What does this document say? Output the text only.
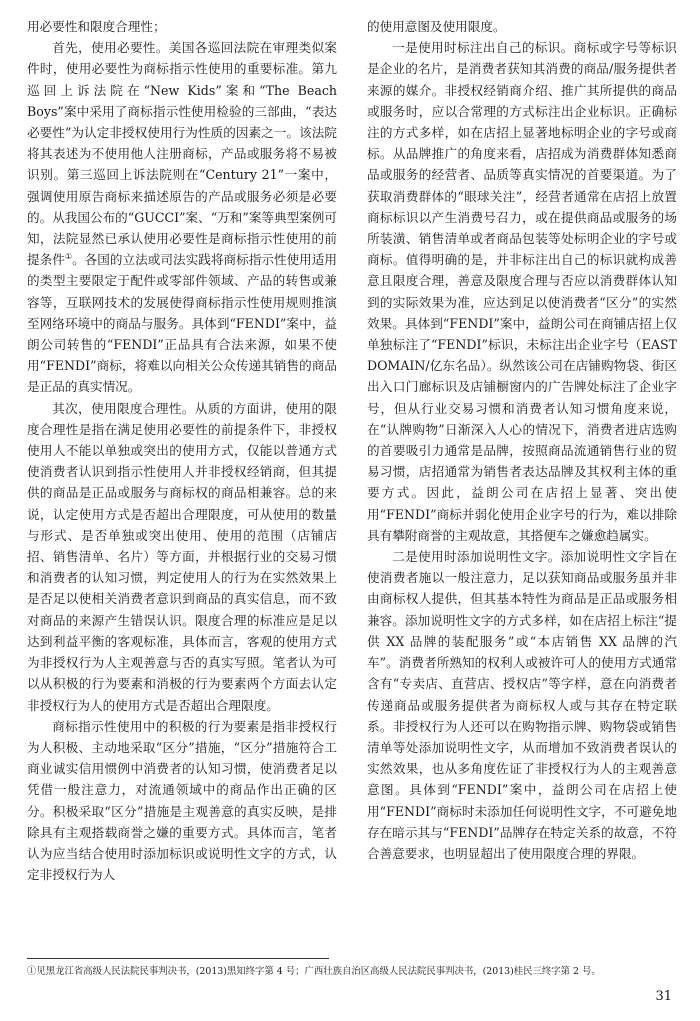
用必要性和限度合理性；

首先，使用必要性。美国各巡回法院在审理类似案件时，使用必要性为商标指示性使用的重要标准。第九巡回上诉法院在“New Kids”案和“The Beach Boys”案中采用了商标指示性使用检验的三部曲，“表达必要性”为认定非授权使用行为性质的因素之一。该法院将其表述为不使用他人注册商标，产品或服务将不易被识别。第三巡回上诉法院则在“Century 21”一案中，强调使用原告商标来描述原告的产品或服务必须是必要的。从我国公布的“GUCCI”案、“万和”案等典型案例可知，法院显然已承认使用必要性是商标指示性使用的前提条件①。各国的立法或司法实践将商标指示性使用适用的类型主要限定于配件或零部件领域、产品的转售或兼容等，互联网技术的发展使得商标指示性使用规则推演至网络环境中的商品与服务。具体到“FENDI”案中，益朗公司转售的“FENDI”正品具有合法来源，如果不使用“FENDI”商标，将难以向相关公众传递其销售的商品是正品的真实情况。

其次，使用限度合理性。从质的方面讲，使用的限度合理性是指在满足使用必要性的前提条件下，非授权使用人不能以单独或突出的使用方式，仅能以普通方式使消费者认识到指示性使用人并非授权经销商，但其提供的商品是正品或服务与商标权的商品相兼容。总的来说，认定使用方式是否超出合理限度，可从使用的数量与形式、是否单独或突出使用、使用的范围（店铺店招、销售清单、名片）等方面，并根据行业的交易习惯和消费者的认知习惯，判定使用人的行为在实然效果上是否足以使相关消费者意识到商品的真实信息，而不致对商品的来源产生错误认识。限度合理的标准应是足以达到利益平衡的客观标准，具体而言，客观的使用方式为非授权行为人主观善意与否的真实写照。笔者认为可以从积极的行为要素和消极的行为要素两个方面去认定非授权行为人的使用方式是否超出合理限度。

商标指示性使用中的积极的行为要素是指非授权行为人积极、主动地采取“区分”措施，“区分”措施符合工商业诚实信用惯例中消费者的认知习惯，使消费者足以凭借一般注意力，对流通领域中的商品作出正确的区分。积极采取“区分”措施是主观善意的真实反映，是排除具有主观搭载商誉之嫌的重要方式。具体而言，笔者认为应当结合使用时添加标识或说明性文字的方式，认定非授权行为人

的使用意图及使用限度。

一是使用时标注出自己的标识。商标或字号等标识是企业的名片，是消费者获知其消费的商品/服务提供者来源的媒介。非授权经销商介绍、推广其所提供的商品或服务时，应以合常理的方式标注出企业标识。正确标注的方式多样，如在店招上显著地标明企业的字号或商标。从品牌推广的角度来看，店招成为消费群体知悉商品或服务的经营者、品质等真实情况的首要渠道。为了获取消费群体的“眼球关注”，经营者通常在店招上放置商标标识以产生消费号召力，或在提供商品或服务的场所装潢、销售清单或者商品包装等处标明企业的字号或商标。值得明确的是，并非标注出自己的标识就构成善意且限度合理，善意及限度合理与否应以消费群体认知到的实际效果为准，应达到足以使消费者“区分”的实然效果。具体到“FENDI”案中，益朗公司在商铺店招上仅单独标注了“FENDI”标识，未标注出企业字号（EAST DOMAIN/亿东名品）。纵然该公司在店铺购物袋、街区出入口门廊标识及店铺橱窗内的广告牌处标注了企业字号，但从行业交易习惯和消费者认知习惯角度来说，在“认牌购物”日渐深入人心的情况下，消费者进店选购的首要吸引力通常是品牌，按照商品流通销售行业的贸易习惯，店招通常为销售者表达品牌及其权利主体的重要方式。因此，益朗公司在店招上显著、突出使用“FENDI”商标并弱化使用企业字号的行为，难以排除具有攀附商誉的主观故意，其搭便车之嫌愈趋属实。

二是使用时添加说明性文字。添加说明性文字旨在使消费者施以一般注意力，足以获知商品或服务虽并非由商标权人提供，但其基本特性为商品是正品或服务相兼容。添加说明性文字的方式多样，如在店招上标注“提供 XX 品牌的装配服务”或“本店销售 XX 品牌的汽车”。消费者所熟知的权利人或被许可人的使用方式通常含有“专卖店、直营店、授权店”等字样，意在向消费者传递商品或服务提供者为商标权人或与其存在特定联系。非授权行为人还可以在购物指示牌、购物袋或销售清单等处添加说明性文字，从而增加不致消费者误认的实然效果，也从多角度佐证了非授权行为人的主观善意意图。具体到“FENDI”案中，益朗公司在店招上使用“FENDI”商标时未添加任何说明性文字，不可避免地存在暗示其与“FENDI”品牌存在特定关系的故意，不符合善意要求，也明显超出了使用限度合理的界限。

①见黑龙江省高级人民法院民事判决书，(2013)黑知终字第 4 号；广西壮族自治区高级人民法院民事判决书，(2013)桂民三终字第 2 号。
31
